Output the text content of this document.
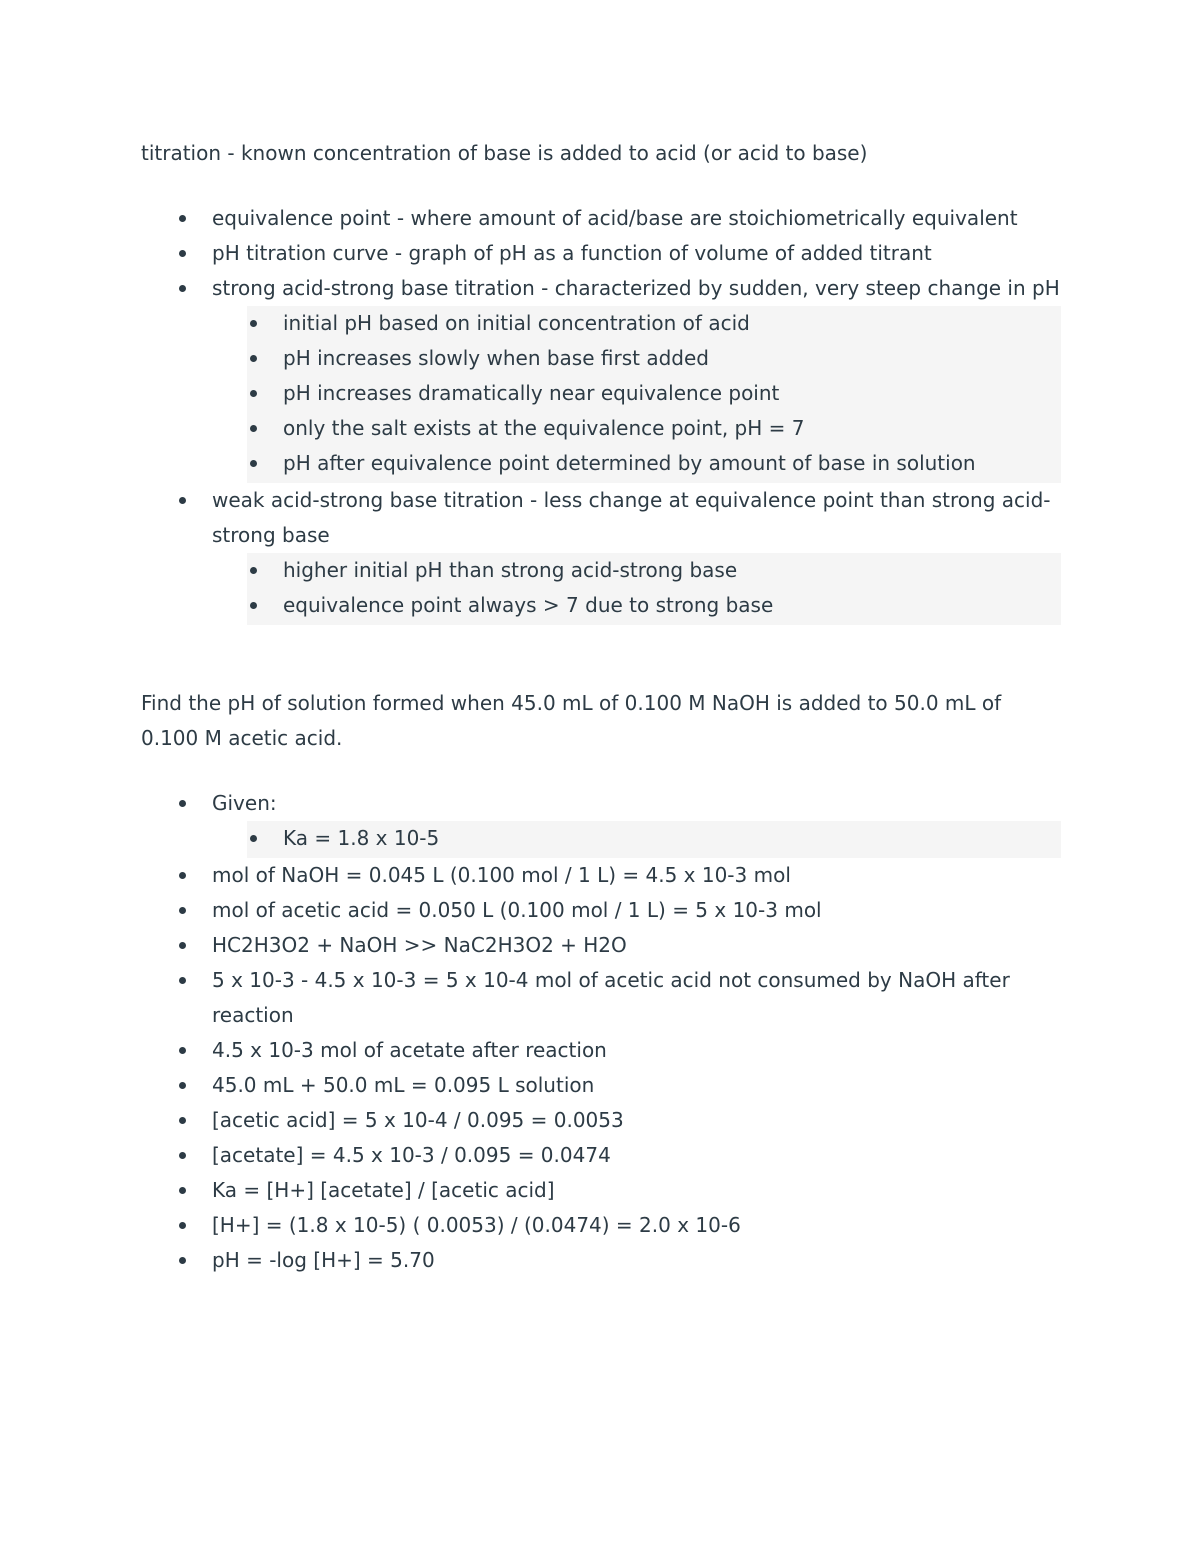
titration - known concentration of base is added to acid (or acid to base)

equivalence point - where amount of acid/base are stoichiometrically equivalent
pH titration curve - graph of pH as a function of volume of added titrant
strong acid-strong base titration - characterized by sudden, very steep change in pH
initial pH based on initial concentration of acid
pH increases slowly when base first added
pH increases dramatically near equivalence point
only the salt exists at the equivalence point, pH = 7
pH after equivalence point determined by amount of base in solution
weak acid-strong base titration - less change at equivalence point than strong acid-strong base
higher initial pH than strong acid-strong base
equivalence point always > 7 due to strong base

Find the pH of solution formed when 45.0 mL of 0.100 M NaOH is added to 50.0 mL of 0.100 M acetic acid.

Given:
Ka = 1.8 x 10-5
mol of NaOH = 0.045 L (0.100 mol / 1 L) = 4.5 x 10-3 mol
mol of acetic acid = 0.050 L (0.100 mol / 1 L) = 5 x 10-3 mol
HC2H3O2 + NaOH >> NaC2H3O2 + H2O
5 x 10-3 - 4.5 x 10-3 = 5 x 10-4 mol of acetic acid not consumed by NaOH after reaction
4.5 x 10-3 mol of acetate after reaction
45.0 mL + 50.0 mL = 0.095 L solution
[acetic acid] = 5 x 10-4 / 0.095 = 0.0053
[acetate] = 4.5 x 10-3 / 0.095 = 0.0474
Ka = [H+] [acetate] / [acetic acid]
[H+] = (1.8 x 10-5) ( 0.0053) / (0.0474) = 2.0 x 10-6
pH = -log [H+] = 5.70
